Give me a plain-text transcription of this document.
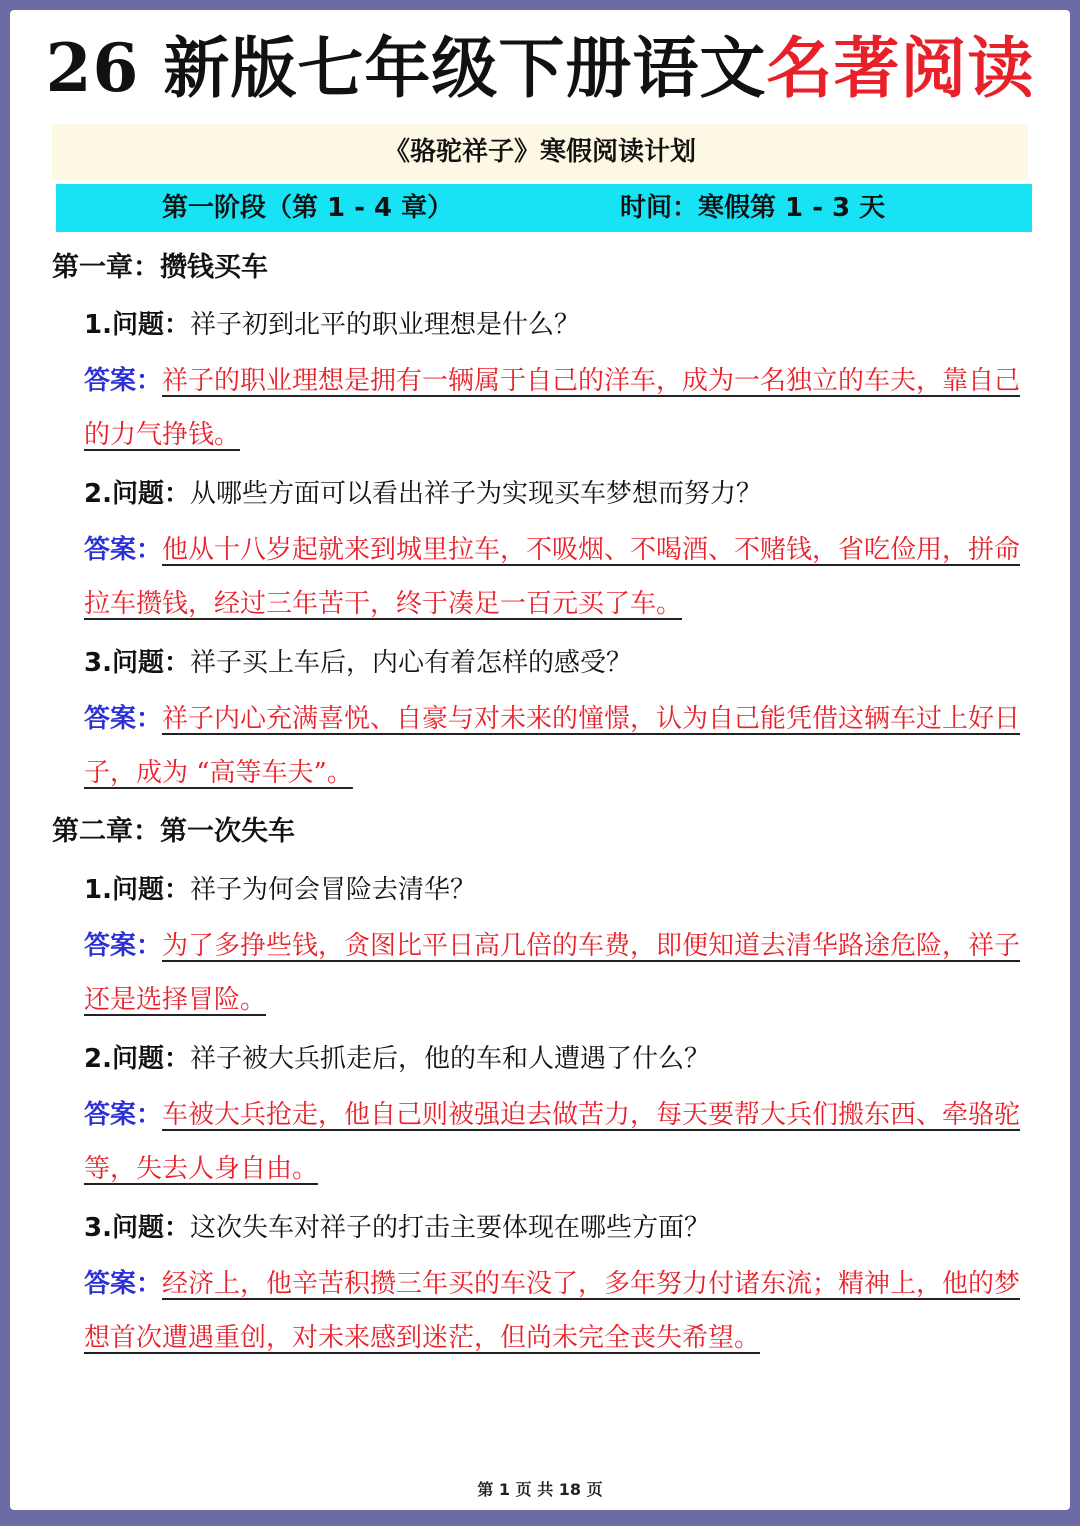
26 新版七年级下册语文名著阅读
《骆驼祥子》寒假阅读计划
第一阶段（第 1 - 4 章）	时间：寒假第 1 - 3 天
第一章：攒钱买车
1.问题：祥子初到北平的职业理想是什么？
答案：祥子的职业理想是拥有一辆属于自己的洋车，成为一名独立的车夫，靠自己的力气挣钱。
2.问题：从哪些方面可以看出祥子为实现买车梦想而努力？
答案：他从十八岁起就来到城里拉车，不吸烟、不喝酒、不赌钱，省吃俭用，拼命拉车攒钱，经过三年苦干，终于凑足一百元买了车。
3.问题：祥子买上车后，内心有着怎样的感受？
答案：祥子内心充满喜悦、自豪与对未来的憧憬，认为自己能凭借这辆车过上好日子，成为 “高等车夫”。
第二章：第一次失车
1.问题：祥子为何会冒险去清华？
答案：为了多挣些钱，贪图比平日高几倍的车费，即便知道去清华路途危险，祥子还是选择冒险。
2.问题：祥子被大兵抓走后，他的车和人遭遇了什么？
答案：车被大兵抢走，他自己则被强迫去做苦力，每天要帮大兵们搬东西、牵骆驼等，失去人身自由。
3.问题：这次失车对祥子的打击主要体现在哪些方面？
答案：经济上，他辛苦积攒三年买的车没了，多年努力付诸东流；精神上，他的梦想首次遭遇重创，对未来感到迷茫，但尚未完全丧失希望。
第 1 页 共 18 页
